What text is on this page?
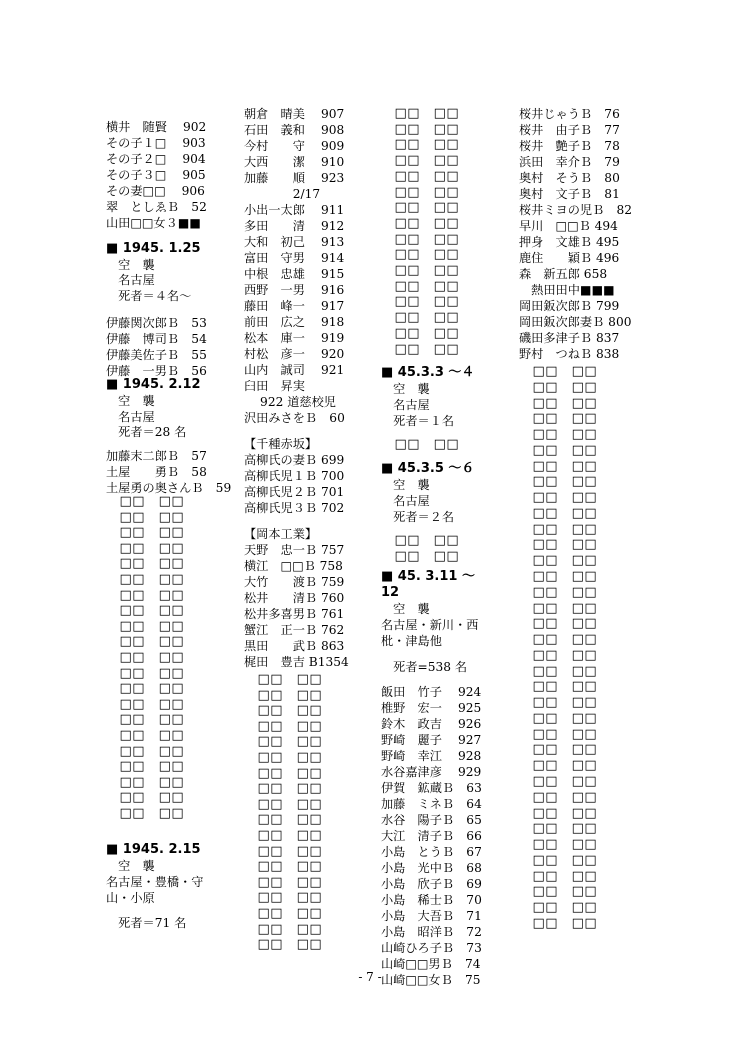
横井　随賢　 902
その子１□　 903
その子２□　 904
その子３□　 905
その妻□□　 906
翠　としゑＢ　52
山田□□女３■■
■ 1945. 1.25
　空　襲
　名古屋
　死者＝４名～
伊藤関次郎Ｂ　53
伊藤　博司Ｂ　54
伊藤美佐子Ｂ　55
伊藤　一男Ｂ　56
■ 1945. 2.12
　空　襲
　名古屋
　死者＝28 名
加藤末二郎Ｂ　57
土屋　　勇Ｂ　58
土屋勇の奥さんＢ　59
　□□　□□
　□□　□□
　□□　□□
　□□　□□
　□□　□□
　□□　□□
　□□　□□
　□□　□□
　□□　□□
　□□　□□
　□□　□□
　□□　□□
　□□　□□
　□□　□□
　□□　□□
　□□　□□
　□□　□□
　□□　□□
　□□　□□
　□□　□□
　□□　□□
■ 1945. 2.15
　空　襲
名古屋・豊橋・守
山・小原
　死者＝71 名
朝倉　晴美　 907
石田　義和　 908
今村　　守　 909
大西　　潔　 910
加藤　　順　 923
　　　　2/17
小出一太郎　 911
多田　　清　 912
大和　初己　 913
富田　守男　 914
中根　忠雄　 915
西野　一男　 916
藤田　峰一　 917
前田　広之　 918
松本　庫一　 919
村松　彦一　 920
山内　誠司　 921
臼田　昇実
　 922 道慈校児
沢田みさをＢ　60
【千種赤坂】
高柳氏の妻Ｂ 699
高柳氏児１Ｂ 700
高柳氏児２Ｂ 701
高柳氏児３Ｂ 702
【岡本工業】
天野　忠一Ｂ 757
横江　□□Ｂ 758
大竹　　渡Ｂ 759
松井　　清Ｂ 760
松井多喜男Ｂ 761
蟹江　正一Ｂ 762
黒田　　武Ｂ 863
梶田　豊吉 B1354
　□□　□□
　□□　□□
　□□　□□
　□□　□□
　□□　□□
　□□　□□
　□□　□□
　□□　□□
　□□　□□
　□□　□□
　□□　□□
　□□　□□
　□□　□□
　□□　□□
　□□　□□
　□□　□□
　□□　□□
　□□　□□
　□□　□□
　□□　□□
　□□　□□
　□□　□□
　□□　□□
　□□　□□
　□□　□□
　□□　□□
　□□　□□
　□□　□□
　□□　□□
　□□　□□
　□□　□□
　□□　□□
　□□　□□
　□□　□□
■ 45.3.3 ～４
　空　襲
　名古屋
　死者＝１名
　□□　□□
■ 45.3.5 ～６
　空　襲
　名古屋
　死者＝２名
　□□　□□
　□□　□□
■ 45. 3.11 ～
12
　空　襲
名古屋・新川・西
枇・津島他
　死者=538 名
飯田　竹子　 924
椎野　宏一　 925
鈴木　政吉　 926
野崎　麗子　 927
野崎　幸江　 928
水谷嘉津彦　 929
伊賀　鉱蔵Ｂ　63
加藤　ミネＢ　64
水谷　陽子Ｂ　65
大江　清子Ｂ　66
小島　とうＢ　67
小島　光中Ｂ　68
小島　欣子Ｂ　69
小島　稀士Ｂ　70
小島　大吾Ｂ　71
小島　昭洋Ｂ　72
山崎ひろ子Ｂ　73
山崎□□男Ｂ　74
山崎□□女Ｂ　75
桜井じゃうＢ　76
桜井　由子Ｂ　77
桜井　艶子Ｂ　78
浜田　幸介Ｂ　79
奥村　そうＢ　80
奥村　文子Ｂ　81
桜井ミヨの児Ｂ　82
早川　□□Ｂ 494
押身　文雄Ｂ 495
鹿住　　穎Ｂ 496
森　新五郎 658
　熱田田中■■■
岡田鈑次郎Ｂ 799
岡田鈑次郎妻Ｂ 800
磯田多津子Ｂ 837
野村　つねＢ 838
　□□　□□
　□□　□□
　□□　□□
　□□　□□
　□□　□□
　□□　□□
　□□　□□
　□□　□□
　□□　□□
　□□　□□
　□□　□□
　□□　□□
　□□　□□
　□□　□□
　□□　□□
　□□　□□
　□□　□□
　□□　□□
　□□　□□
　□□　□□
　□□　□□
　□□　□□
　□□　□□
　□□　□□
　□□　□□
　□□　□□
　□□　□□
　□□　□□
　□□　□□
　□□　□□
　□□　□□
　□□　□□
　□□　□□
　□□　□□
　□□　□□
　□□　□□
- 7 -
